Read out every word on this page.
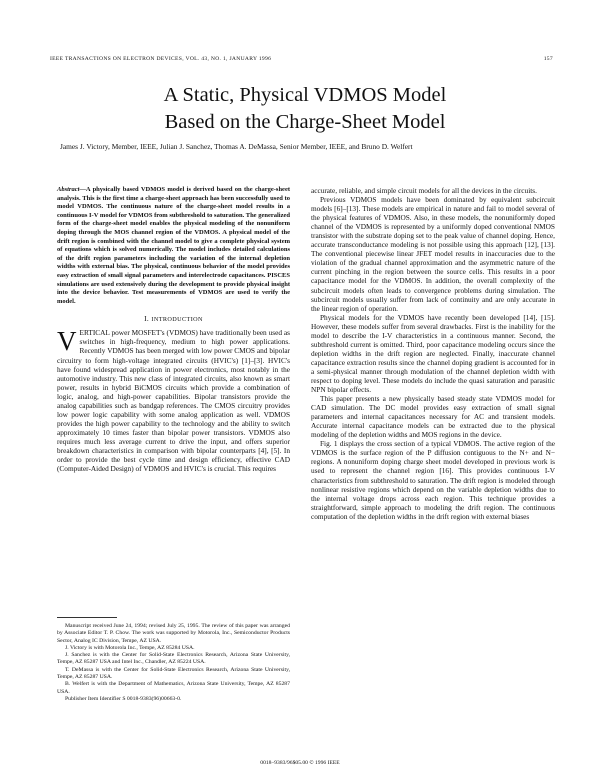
IEEE TRANSACTIONS ON ELECTRON DEVICES, VOL. 43, NO. 1, JANUARY 1996	157
A Static, Physical VDMOS Model
Based on the Charge-Sheet Model
James J. Victory, Member, IEEE, Julian J. Sanchez, Thomas A. DeMassa, Senior Member, IEEE, and Bruno D. Welfert
Abstract—A physically based VDMOS model is derived based on the charge-sheet analysis. This is the first time a charge-sheet approach has been successfully used to model VDMOS. The continuous nature of the charge-sheet model results in a continuous I-V model for VDMOS from subthreshold to saturation. The generalized form of the charge-sheet model enables the physical modeling of the nonuniform doping through the MOS channel region of the VDMOS. A physical model of the drift region is combined with the channel model to give a complete physical system of equations which is solved numerically. The model includes detailed calculations of the drift region parameters including the variation of the internal depletion widths with external bias. The physical, continuous behavior of the model provides easy extraction of small signal parameters and interelectrode capacitances. PISCES simulations are used extensively during the development to provide physical insight into the device behavior. Test measurements of VDMOS are used to verify the model.
I. INTRODUCTION

VERTICAL power MOSFET's (VDMOS) have traditionally been used as switches in high-frequency, medium to high power applications. Recently VDMOS has been merged with low power CMOS and bipolar circuitry to form high-voltage integrated circuits (HVIC's) [1]–[3]. HVIC's have found widespread application in power electronics, most notably in the automotive industry. This new class of integrated circuits, also known as smart power, results in hybrid BiCMOS circuits which provide a combination of logic, analog, and high-power capabilities. Bipolar transistors provide the analog capabilities such as bandgap references. The CMOS circuitry provides low power logic capability with some analog application as well. VDMOS provides the high power capability to the technology and the ability to switch approximately 10 times faster than bipolar power transistors. VDMOS also requires much less average current to drive the input, and offers superior breakdown characteristics in comparison with bipolar counterparts [4], [5]. In order to provide the best cycle time and design efficiency, effective CAD (Computer-Aided Design) of VDMOS and HVIC's is crucial. This requires

Manuscript received June 24, 1994; revised July 25, 1995. The review of this paper was arranged by Associate Editor T. P. Chow. The work was supported by Motorola, Inc., Semiconductor Products Sector, Analog IC Division, Tempe, AZ USA.
J. Victory is with Motorola Inc., Tempe, AZ 85284 USA.
J. Sanchez is with the Center for Solid-State Electronics Research, Arizona State University, Tempe, AZ 85287 USA and Intel Inc., Chandler, AZ 85224 USA.
T. DeMassa is with the Center for Solid-State Electronics Research, Arizona State University, Tempe, AZ 85287 USA.
B. Welfert is with the Department of Mathematics, Arizona State University, Tempe, AZ 85287 USA.
Publisher Item Identifier S 0018-9383(96)00663-0.

accurate, reliable, and simple circuit models for all the devices in the circuits.

Previous VDMOS models have been dominated by equivalent subcircuit models [6]–[13]. These models are empirical in nature and fail to model several of the physical features of VDMOS. Also, in these models, the nonuniformly doped channel of the VDMOS is represented by a uniformly doped conventional NMOS transistor with the substrate doping set to the peak value of channel doping. Hence, accurate transconductance modeling is not possible using this approach [12], [13]. The conventional piecewise linear JFET model results in inaccuracies due to the violation of the gradual channel approximation and the asymmetric nature of the current pinching in the region between the source cells. This results in a poor capacitance model for the VDMOS. In addition, the overall complexity of the subcircuit models often leads to convergence problems during simulation. The subcircuit models usually suffer from lack of continuity and are only accurate in the linear region of operation.

Physical models for the VDMOS have recently been developed [14], [15]. However, these models suffer from several drawbacks. First is the inability for the model to describe the I-V characteristics in a continuous manner. Second, the subthreshold current is omitted. Third, poor capacitance modeling occurs since the depletion widths in the drift region are neglected. Finally, inaccurate channel capacitance extraction results since the channel doping gradient is accounted for in a semi-physical manner through modulation of the channel depletion width with respect to doping level. These models do include the quasi saturation and parasitic NPN bipolar effects.

This paper presents a new physically based steady state VDMOS model for CAD simulation. The DC model provides easy extraction of small signal parameters and internal capacitances necessary for AC and transient models. Accurate internal capacitance models can be extracted due to the physical modeling of the depletion widths and MOS regions in the device.

Fig. 1 displays the cross section of a typical VDMOS. The active region of the VDMOS is the surface region of the P diffusion contiguous to the N+ and N− regions. A nonuniform doping charge sheet model developed in previous work is used to represent the channel region [16]. This provides continuous I-V characteristics from subthreshold to saturation. The drift region is modeled through nonlinear resistive regions which depend on the variable depletion widths due to the internal voltage drops across each region. This technique provides a straightforward, simple approach to modeling the drift region. The continuous computation of the depletion widths in the drift region with external biases

0018–9383/96$05.00 © 1996 IEEE
